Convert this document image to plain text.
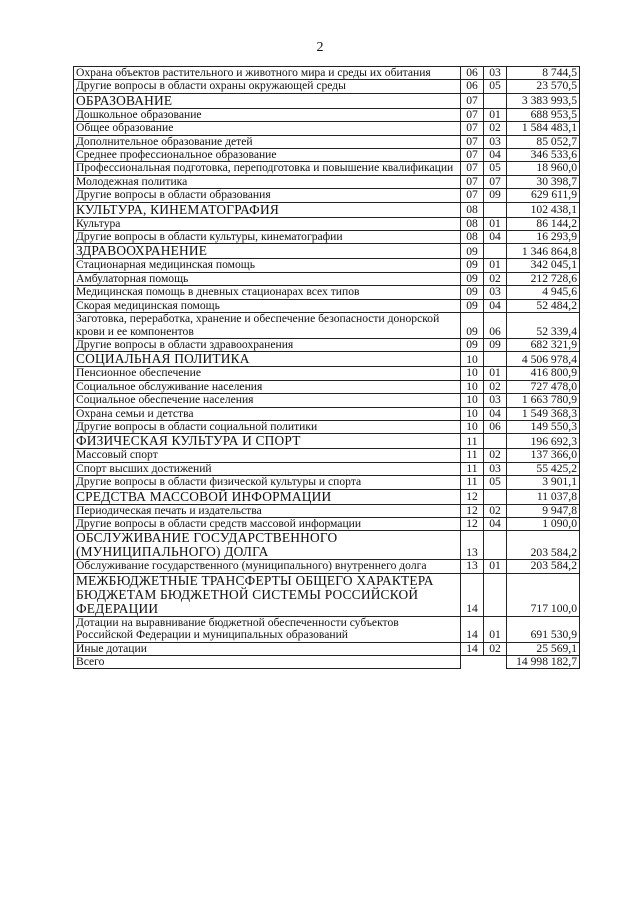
2
Охрана объектов растительного и животного мира и среды их обитания	06	03	8 744,5
Другие вопросы в области охраны окружающей среды	06	05	23 570,5
ОБРАЗОВАНИЕ	07		3 383 993,5
Дошкольное образование	07	01	688 953,5
Общее образование	07	02	1 584 483,1
Дополнительное образование детей	07	03	85 052,7
Среднее профессиональное образование	07	04	346 533,6
Профессиональная подготовка, переподготовка и повышение квалификации	07	05	18 960,0
Молодежная политика	07	07	30 398,7
Другие вопросы в области образования	07	09	629 611,9
КУЛЬТУРА, КИНЕМАТОГРАФИЯ	08		102 438,1
Культура	08	01	86 144,2
Другие вопросы в области культуры, кинематографии	08	04	16 293,9
ЗДРАВООХРАНЕНИЕ	09		1 346 864,8
Стационарная медицинская помощь	09	01	342 045,1
Амбулаторная помощь	09	02	212 728,6
Медицинская помощь в дневных стационарах всех типов	09	03	4 945,6
Скорая медицинская помощь	09	04	52 484,2
Заготовка, переработка, хранение и обеспечение безопасности донорской крови и ее компонентов	09	06	52 339,4
Другие вопросы в области здравоохранения	09	09	682 321,9
СОЦИАЛЬНАЯ ПОЛИТИКА	10		4 506 978,4
Пенсионное обеспечение	10	01	416 800,9
Социальное обслуживание населения	10	02	727 478,0
Социальное обеспечение населения	10	03	1 663 780,9
Охрана семьи и детства	10	04	1 549 368,3
Другие вопросы в области социальной политики	10	06	149 550,3
ФИЗИЧЕСКАЯ КУЛЬТУРА И СПОРТ	11		196 692,3
Массовый спорт	11	02	137 366,0
Спорт высших достижений	11	03	55 425,2
Другие вопросы в области физической культуры и спорта	11	05	3 901,1
СРЕДСТВА МАССОВОЙ ИНФОРМАЦИИ	12		11 037,8
Периодическая печать и издательства	12	02	9 947,8
Другие вопросы в области средств массовой информации	12	04	1 090,0
ОБСЛУЖИВАНИЕ ГОСУДАРСТВЕННОГО (МУНИЦИПАЛЬНОГО) ДОЛГА	13		203 584,2
Обслуживание государственного (муниципального) внутреннего долга	13	01	203 584,2
МЕЖБЮДЖЕТНЫЕ ТРАНСФЕРТЫ ОБЩЕГО ХАРАКТЕРА БЮДЖЕТАМ БЮДЖЕТНОЙ СИСТЕМЫ РОССИЙСКОЙ ФЕДЕРАЦИИ	14		717 100,0
Дотации на выравнивание бюджетной обеспеченности субъектов Российской Федерации и муниципальных образований	14	01	691 530,9
Иные дотации	14	02	25 569,1
Всего			14 998 182,7
